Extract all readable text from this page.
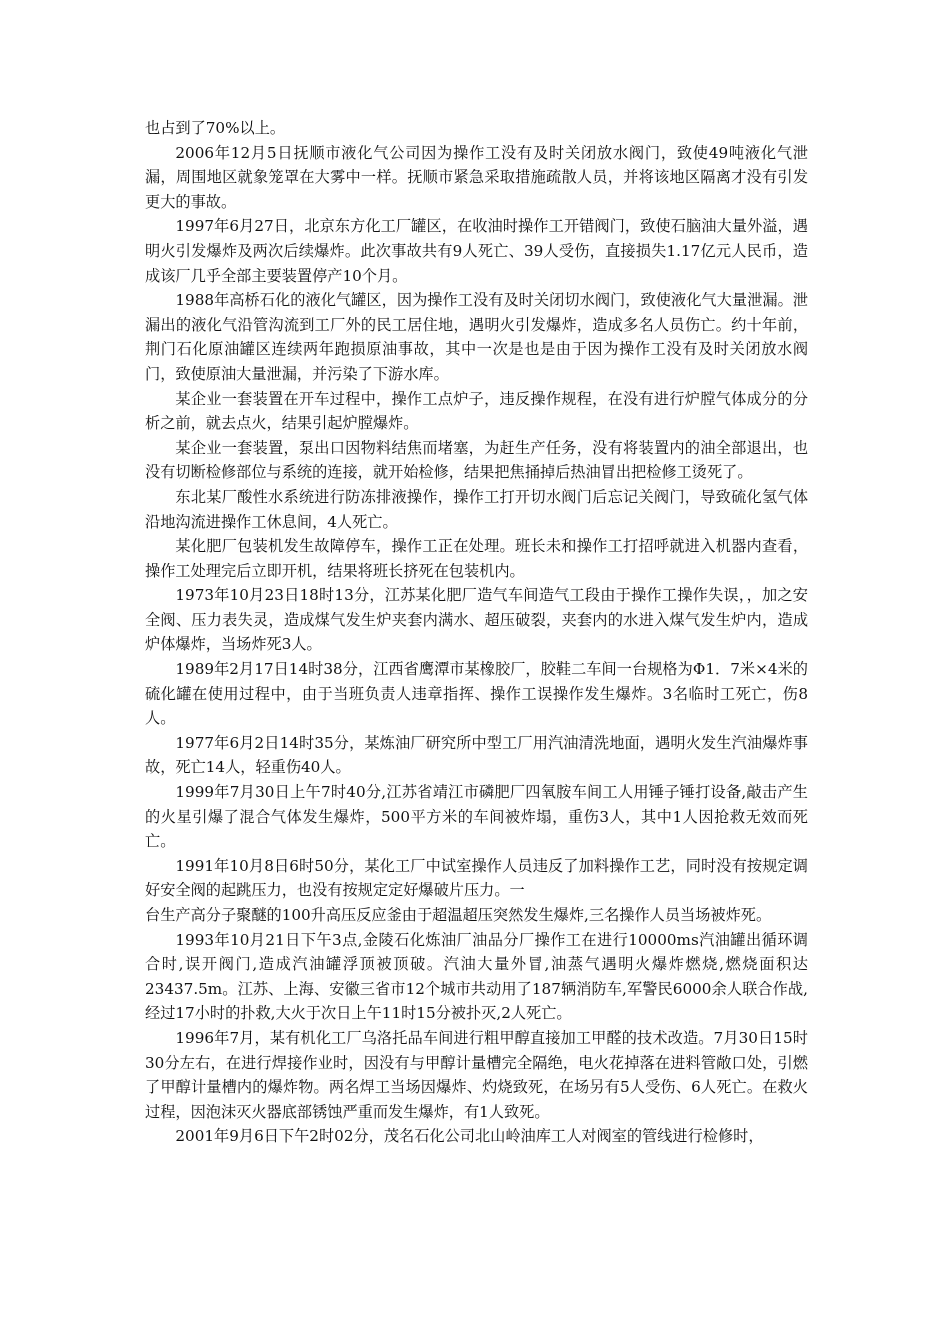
也占到了70%以上。

2006年12月5日抚顺市液化气公司因为操作工没有及时关闭放水阀门，致使49吨液化气泄漏，周围地区就象笼罩在大雾中一样。抚顺市紧急采取措施疏散人员，并将该地区隔离才没有引发更大的事故。

1997年6月27日，北京东方化工厂罐区，在收油时操作工开错阀门，致使石脑油大量外溢，遇明火引发爆炸及两次后续爆炸。此次事故共有9人死亡、39人受伤，直接损失1.17亿元人民币，造成该厂几乎全部主要装置停产10个月。

1988年高桥石化的液化气罐区，因为操作工没有及时关闭切水阀门，致使液化气大量泄漏。泄漏出的液化气沿管沟流到工厂外的民工居住地，遇明火引发爆炸，造成多名人员伤亡。约十年前，荆门石化原油罐区连续两年跑损原油事故，其中一次是也是由于因为操作工没有及时关闭放水阀门，致使原油大量泄漏，并污染了下游水库。

某企业一套装置在开车过程中，操作工点炉子，违反操作规程，在没有进行炉膛气体成分的分析之前，就去点火，结果引起炉膛爆炸。

某企业一套装置，泵出口因物料结焦而堵塞，为赶生产任务，没有将装置内的油全部退出，也没有切断检修部位与系统的连接，就开始检修，结果把焦捅掉后热油冒出把检修工烫死了。

东北某厂酸性水系统进行防冻排液操作，操作工打开切水阀门后忘记关阀门，导致硫化氢气体沿地沟流进操作工休息间，4人死亡。

某化肥厂包装机发生故障停车，操作工正在处理。班长未和操作工打招呼就进入机器内查看，操作工处理完后立即开机，结果将班长挤死在包装机内。

1973年10月23日18时13分，江苏某化肥厂造气车间造气工段由于操作工操作失误，，加之安全阀、压力表失灵，造成煤气发生炉夹套内满水、超压破裂，夹套内的水进入煤气发生炉内，造成炉体爆炸，当场炸死3人。

1989年2月17日14时38分，江西省鹰潭市某橡胶厂，胶鞋二车间一台规格为Φ1．7米×4米的硫化罐在使用过程中，由于当班负责人违章指挥、操作工误操作发生爆炸。3名临时工死亡，伤8人。

1977年6月2日14时35分，某炼油厂研究所中型工厂用汽油清洗地面，遇明火发生汽油爆炸事故，死亡14人，轻重伤40人。

1999年7月30日上午7时40分,江苏省靖江市磷肥厂四氧胺车间工人用锤子锤打设备,敲击产生的火星引爆了混合气体发生爆炸，500平方米的车间被炸塌，重伤3人，其中1人因抢救无效而死亡。

1991年10月8日6时50分，某化工厂中试室操作人员违反了加料操作工艺，同时没有按规定调好安全阀的起跳压力，也没有按规定定好爆破片压力。一

台生产高分子聚醚的100升高压反应釜由于超温超压突然发生爆炸,三名操作人员当场被炸死。

1993年10月21日下午3点,金陵石化炼油厂油品分厂操作工在进行10000ms汽油罐出循环调合时,误开阀门,造成汽油罐浮顶被顶破。汽油大量外冒,油蒸气遇明火爆炸燃烧,燃烧面积达23437.5m。江苏、上海、安徽三省市12个城市共动用了187辆消防车,军警民6000余人联合作战,经过17小时的扑救,大火于次日上午11时15分被扑灭,2人死亡。

1996年7月，某有机化工厂乌洛托品车间进行粗甲醇直接加工甲醛的技术改造。7月30日15时30分左右，在进行焊接作业时，因没有与甲醇计量槽完全隔绝，电火花掉落在进料管敞口处，引燃了甲醇计量槽内的爆炸物。两名焊工当场因爆炸、灼烧致死，在场另有5人受伤、6人死亡。在救火过程，因泡沫灭火器底部锈蚀严重而发生爆炸，有1人致死。

2001年9月6日下午2时02分，茂名石化公司北山岭油库工人对阀室的管线进行检修时，
